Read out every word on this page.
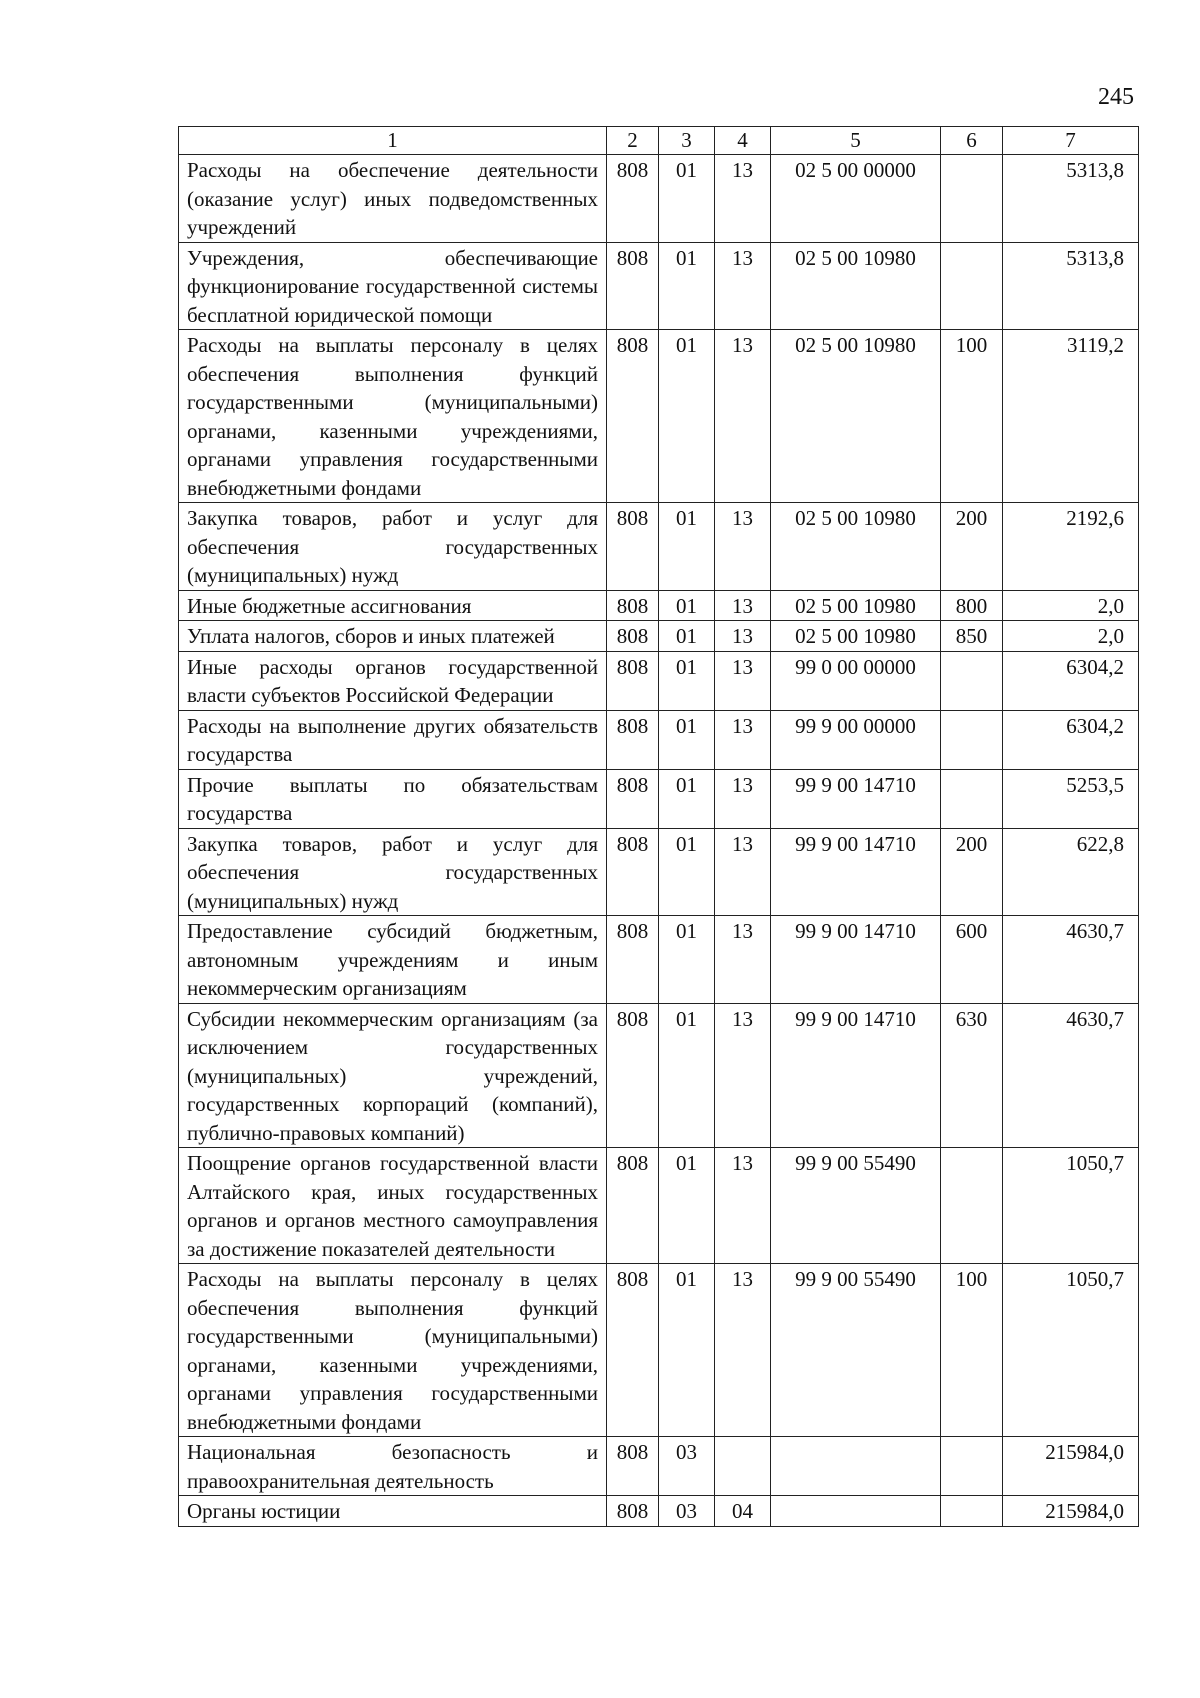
245
1	2	3	4	5	6	7
Расходы на обеспечение деятельности (оказание услуг) иных подведомственных учреждений	808	01	13	02 5 00 00000		5313,8
Учреждения, обеспечивающие функционирование государственной системы бесплатной юридической помощи	808	01	13	02 5 00 10980		5313,8
Расходы на выплаты персоналу в целях обеспечения выполнения функций государственными (муниципальными) органами, казенными учреждениями, органами управления государственными внебюджетными фондами	808	01	13	02 5 00 10980	100	3119,2
Закупка товаров, работ и услуг для обеспечения государственных (муниципальных) нужд	808	01	13	02 5 00 10980	200	2192,6
Иные бюджетные ассигнования	808	01	13	02 5 00 10980	800	2,0
Уплата налогов, сборов и иных платежей	808	01	13	02 5 00 10980	850	2,0
Иные расходы органов государственной власти субъектов Российской Федерации	808	01	13	99 0 00 00000		6304,2
Расходы на выполнение других обязательств государства	808	01	13	99 9 00 00000		6304,2
Прочие выплаты по обязательствам государства	808	01	13	99 9 00 14710		5253,5
Закупка товаров, работ и услуг для обеспечения государственных (муниципальных) нужд	808	01	13	99 9 00 14710	200	622,8
Предоставление субсидий бюджетным, автономным учреждениям и иным некоммерческим организациям	808	01	13	99 9 00 14710	600	4630,7
Субсидии некоммерческим организациям (за исключением государственных (муниципальных) учреждений, государственных корпораций (компаний), публично-правовых компаний)	808	01	13	99 9 00 14710	630	4630,7
Поощрение органов государственной власти Алтайского края, иных государственных органов и органов местного самоуправления за достижение показателей деятельности	808	01	13	99 9 00 55490		1050,7
Расходы на выплаты персоналу в целях обеспечения выполнения функций государственными (муниципальными) органами, казенными учреждениями, органами управления государственными внебюджетными фондами	808	01	13	99 9 00 55490	100	1050,7
Национальная безопасность и правоохранительная деятельность	808	03				215984,0
Органы юстиции	808	03	04			215984,0
